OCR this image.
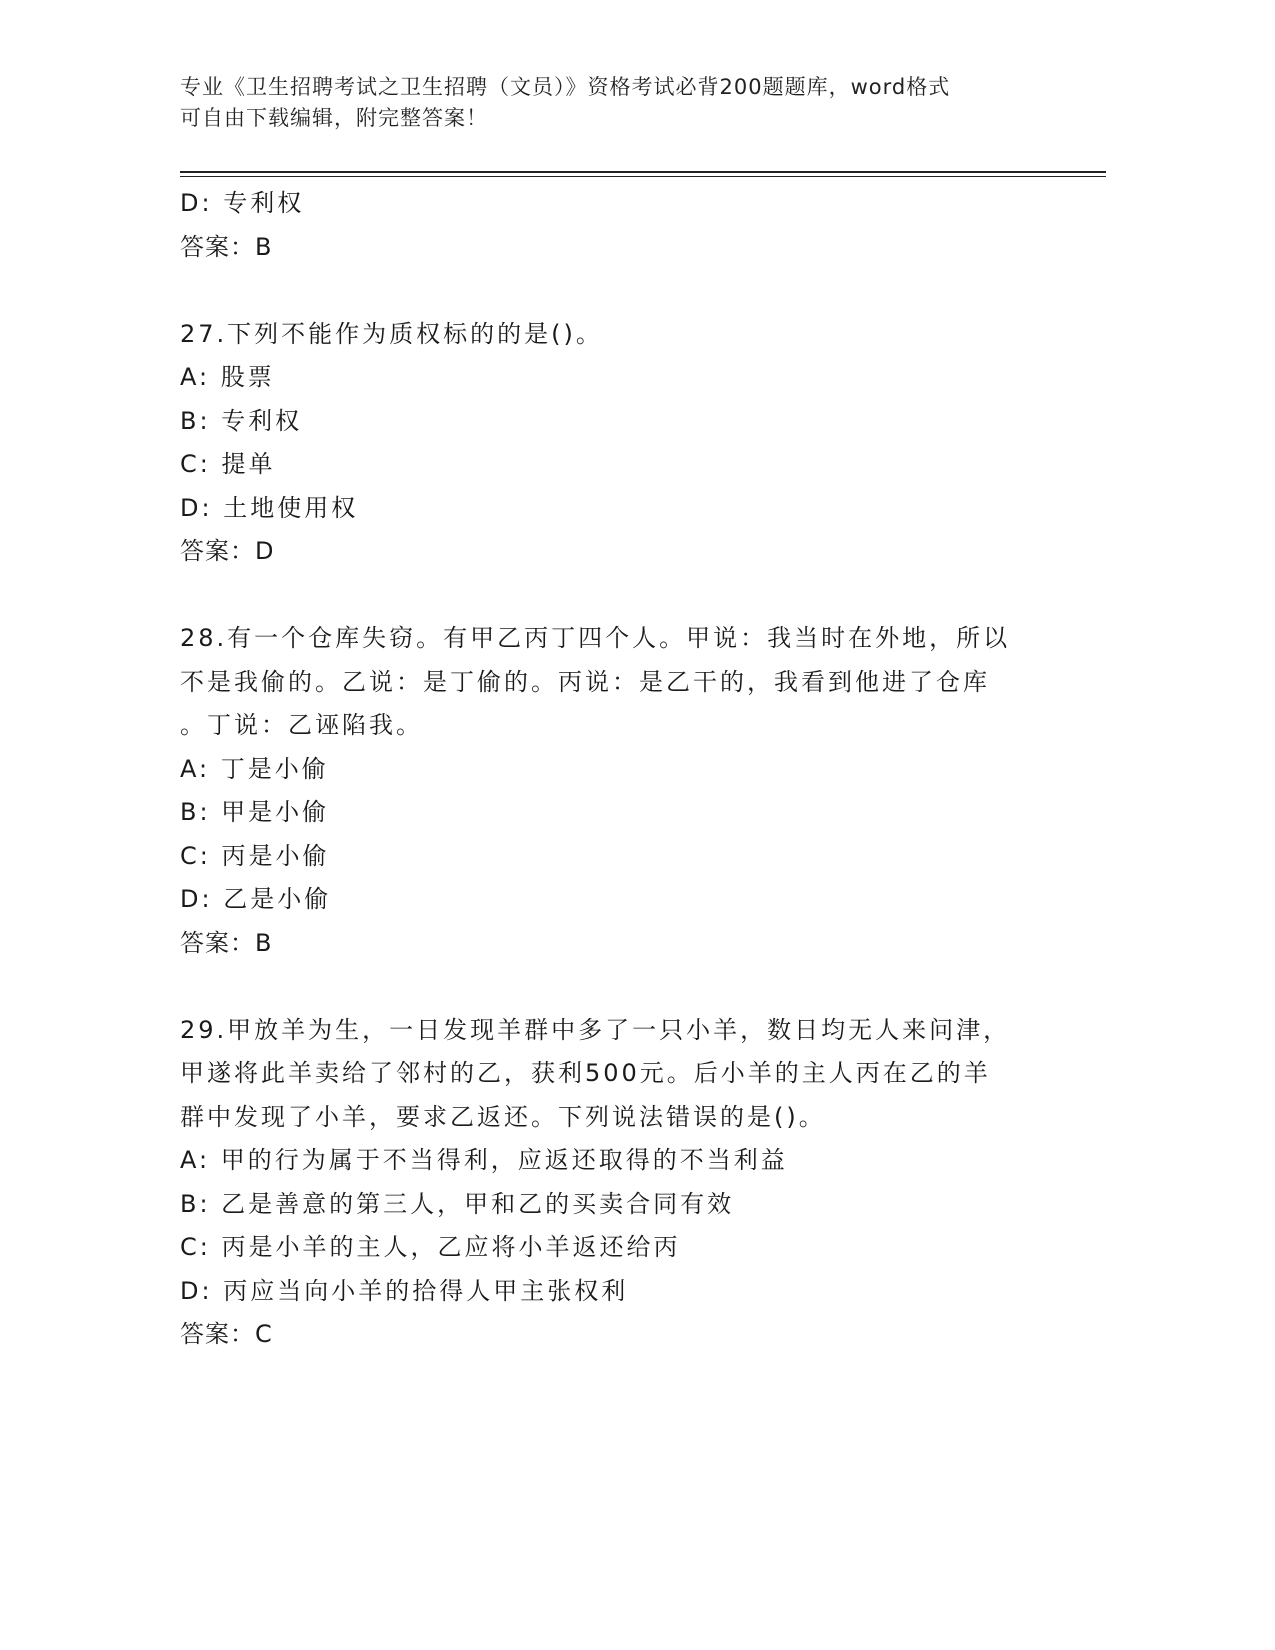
专业《卫生招聘考试之卫生招聘（文员）》资格考试必背200题题库，word格式
可自由下载编辑，附完整答案！
D: 专利权
答案：B
27.下列不能作为质权标的的是()。
A: 股票
B: 专利权
C: 提单
D: 土地使用权
答案：D
28.有一个仓库失窃。有甲乙丙丁四个人。甲说：我当时在外地，所以
不是我偷的。乙说：是丁偷的。丙说：是乙干的，我看到他进了仓库
。丁说：乙诬陷我。
A: 丁是小偷
B: 甲是小偷
C: 丙是小偷
D: 乙是小偷
答案：B
29.甲放羊为生，一日发现羊群中多了一只小羊，数日均无人来问津，
甲遂将此羊卖给了邻村的乙，获利500元。后小羊的主人丙在乙的羊
群中发现了小羊，要求乙返还。下列说法错误的是()。
A: 甲的行为属于不当得利，应返还取得的不当利益
B: 乙是善意的第三人，甲和乙的买卖合同有效
C: 丙是小羊的主人，乙应将小羊返还给丙
D: 丙应当向小羊的拾得人甲主张权利
答案：C
